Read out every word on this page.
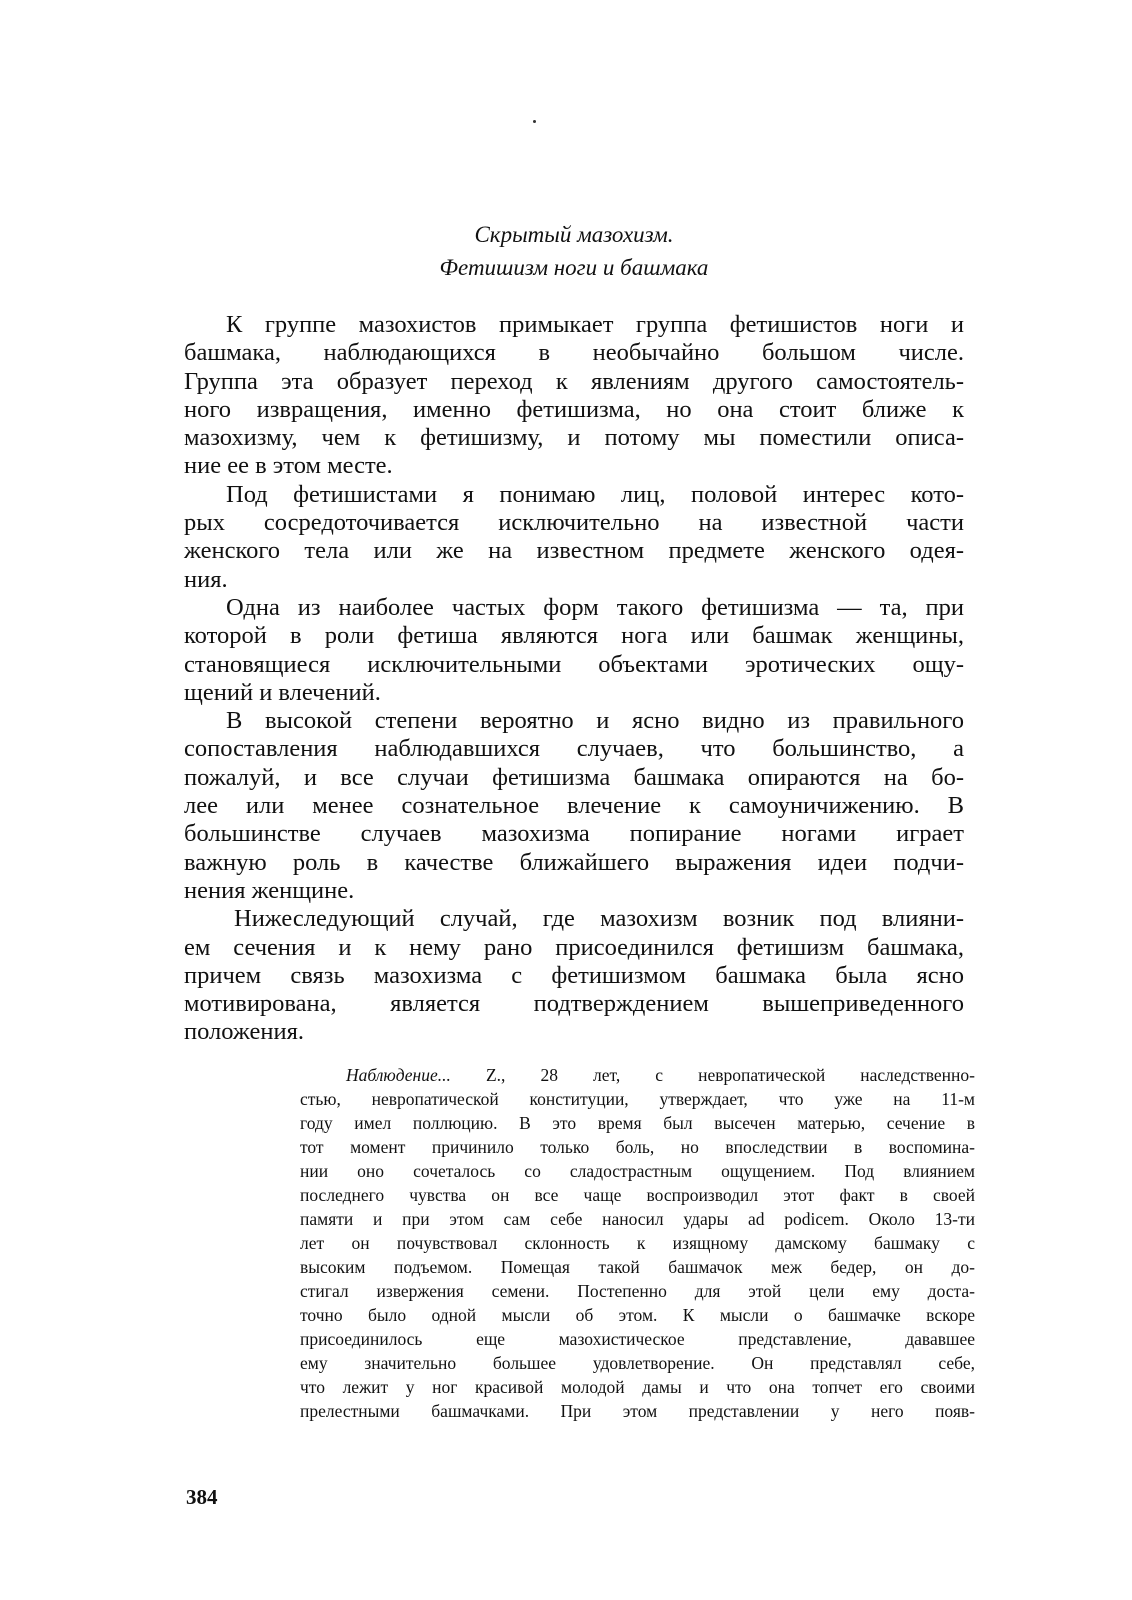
Скрытый мазохизм.
Фетишизм ноги и башмака
К группе мазохистов примыкает группа фетишистов ноги и
башмака, наблюдающихся в необычайно большом числе.
Группа эта образует переход к явлениям другого самостоятель-
ного извращения, именно фетишизма, но она стоит ближе к
мазохизму, чем к фетишизму, и потому мы поместили описа-
ние ее в этом месте.
Под фетишистами я понимаю лиц, половой интерес кото-
рых сосредоточивается исключительно на известной части
женского тела или же на известном предмете женского одея-
ния.
Одна из наиболее частых форм такого фетишизма — та, при
которой в роли фетиша являются нога или башмак женщины,
становящиеся исключительными объектами эротических ощу-
щений и влечений.
В высокой степени вероятно и ясно видно из правильного
сопоставления наблюдавшихся случаев, что большинство, а
пожалуй, и все случаи фетишизма башмака опираются на бо-
лее или менее сознательное влечение к самоуничижению. В
большинстве случаев мазохизма попирание ногами играет
важную роль в качестве ближайшего выражения идеи подчи-
нения женщине.
Нижеследующий случай, где мазохизм возник под влияни-
ем сечения и к нему рано присоединился фетишизм башмака,
причем связь мазохизма с фетишизмом башмака была ясно
мотивирована, является подтверждением вышеприведенного
положения.
Наблюдение... Z., 28 лет, с невропатической наследственно-
стью, невропатической конституции, утверждает, что уже на 11-м
году имел поллюцию. В это время был высечен матерью, сечение в
тот момент причинило только боль, но впоследствии в воспомина-
нии оно сочеталось со сладострастным ощущением. Под влиянием
последнего чувства он все чаще воспроизводил этот факт в своей
памяти и при этом сам себе наносил удары ad podicem. Около 13-ти
лет он почувствовал склонность к изящному дамскому башмаку с
высоким подъемом. Помещая такой башмачок меж бедер, он до-
стигал извержения семени. Постепенно для этой цели ему доста-
точно было одной мысли об этом. К мысли о башмачке вскоре
присоединилось еще мазохистическое представление, дававшее
ему значительно большее удовлетворение. Он представлял себе,
что лежит у ног красивой молодой дамы и что она топчет его своими
прелестными башмачками. При этом представлении у него появ-
384
